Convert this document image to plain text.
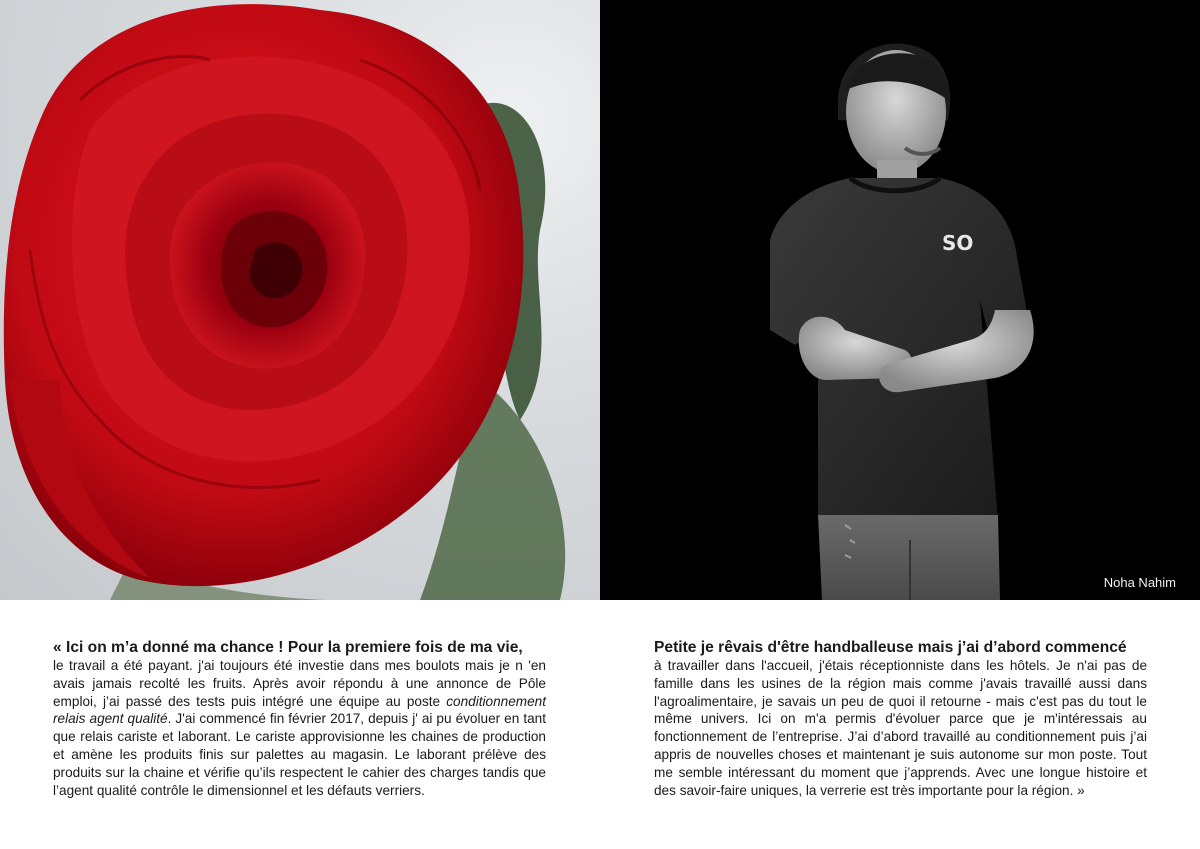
SO
Noha Nahim
« Ici on m’a donné ma chance ! Pour la premiere fois de ma vie,
le travail a été payant. j'ai toujours été investie dans mes boulots mais je n 'en avais jamais recolté les fruits. Après avoir répondu à une annonce de Pôle emploi, j’ai passé des tests puis intégré une équipe au poste conditionnement relais agent qualité. J'ai commencé fin février 2017, depuis j' ai pu évoluer en tant que relais cariste et laborant. Le cariste approvisionne les chaines de production et amène les produits finis sur palettes au magasin. Le laborant prélève des produits sur la chaine et vérifie qu’ils respectent le cahier des charges tandis que l’agent qualité contrôle le dimensionnel et les défauts verriers.
Petite je rêvais d'être handballeuse mais j’ai d’abord commencé
à travailler dans l'accueil, j'étais réceptionniste dans les hôtels. Je n'ai pas de famille dans les usines de la région mais comme j'avais travaillé aussi dans l'agroalimentaire, je savais un peu de quoi il retourne - mais c'est pas du tout le même univers. Ici on m'a permis d'évoluer parce que je m'intéressais au fonctionnement de l’entreprise. J’ai d’abord travaillé au conditionnement puis j’ai appris de nouvelles choses et maintenant je suis autonome sur mon poste. Tout me semble intéressant du moment que j’apprends. Avec une longue histoire et des savoir-faire uniques, la verrerie est très importante pour la région. »
